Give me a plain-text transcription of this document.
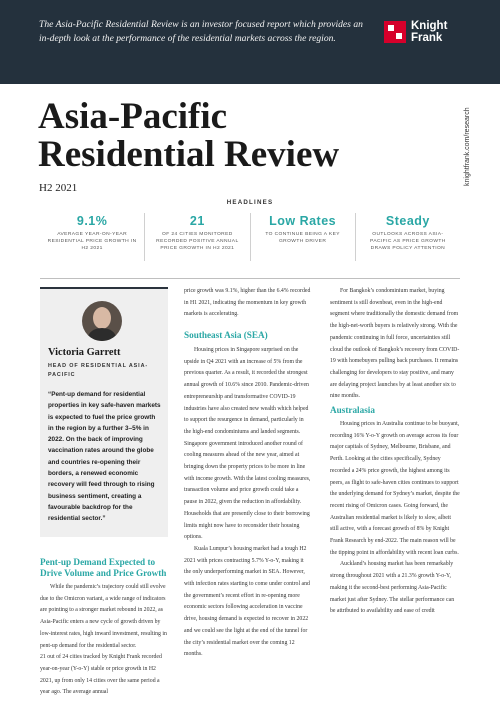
The Asia-Pacific Residential Review is an investor focused report which provides an in-depth look at the performance of the residential markets across the region.

Knight
Frank
Asia-Pacific
Residential Review
H2 2021
knightfrank.com/research
HEADLINES
9.1%
AVERAGE YEAR-ON-YEAR RESIDENTIAL PRICE GROWTH IN H2 2021
21
OF 24 CITIES MONITORED RECORDED POSITIVE ANNUAL PRICE GROWTH IN H2 2021
Low Rates
TO CONTINUE BEING A KEY GROWTH DRIVER
Steady
OUTLOOKS ACROSS ASIA-PACIFIC AS PRICE GROWTH DRAWS POLICY ATTENTION
Victoria Garrett
HEAD OF RESIDENTIAL ASIA-PACIFIC

“Pent-up demand for residential properties in key safe-haven markets is expected to fuel the price growth in the region by a further 3–5% in 2022. On the back of improving vaccination rates around the globe and countries re-opening their borders, a renewed economic recovery will feed through to rising business sentiment, creating a favourable backdrop for the residential sector.”

Pent-up Demand Expected to Drive Volume and Price Growth

While the pandemic’s trajectory could still evolve due to the Omicron variant, a wide range of indicators are pointing to a stronger market rebound in 2022, as Asia-Pacific enters a new cycle of growth driven by low-interest rates, high inward investment, resulting in pent-up demand for the residential sector.

21 out of 24 cities tracked by Knight Frank recorded year-on-year (Y-o-Y) stable or price growth in H2 2021, up from only 14 cities over the same period a year ago. The average annual

price growth was 9.1%, higher than the 6.4% recorded in H1 2021, indicating the momentum in key growth markets is accelerating.

Southeast Asia (SEA)

Housing prices in Singapore surprised on the upside in Q4 2021 with an increase of 5% from the previous quarter. As a result, it recorded the strongest annual growth of 10.6% since 2010. Pandemic-driven entrepreneurship and transformative COVID-19 industries have also created new wealth which helped to support the resurgence in demand, particularly in the high-end condominiums and landed segments. Singapore government introduced another round of cooling measures ahead of the new year, aimed at bringing down the property prices to be more in line with income growth. With the latest cooling measures, transaction volume and price growth could take a pause in 2022, given the reduction in affordability. Households that are presently close to their borrowing limits might now have to reconsider their housing options.

Kuala Lumpur’s housing market had a tough H2 2021 with prices contracting 5.7% Y-o-Y, making it the only underperforming market in SEA. However, with infection rates starting to come under control and the government’s recent effort in re-opening more economic sectors following acceleration in vaccine drive, housing demand is expected to recover in 2022 and we could see the light at the end of the tunnel for the city’s residential market over the coming 12 months.

For Bangkok’s condominium market, buying sentiment is still downbeat, even in the high-end segment where traditionally the domestic demand from the high-net-worth buyers is relatively strong. With the pandemic continuing in full force, uncertainties still cloud the outlook of Bangkok’s recovery from COVID-19 with homebuyers pulling back purchases. It remains challenging for developers to stay positive, and many are delaying project launches by at least another six to nine months.

Australasia

Housing prices in Australia continue to be buoyant, recording 16% Y-o-Y growth on average across its four major capitals of Sydney, Melbourne, Brisbane, and Perth. Looking at the cities specifically, Sydney recorded a 24% price growth, the highest among its peers, as flight to safe-haven cities continues to support the underlying demand for Sydney’s market, despite the recent rising of Omicron cases. Going forward, the Australian residential market is likely to slow, albeit still active, with a forecast growth of 8% by Knight Frank Research by end-2022. The main reason will be the tipping point in affordability with recent loan curbs.

Auckland’s housing market has been remarkably strong throughout 2021 with a 21.3% growth Y-o-Y, making it the second-best performing Asia-Pacific market just after Sydney. The stellar performance can be attributed to availability and ease of credit
